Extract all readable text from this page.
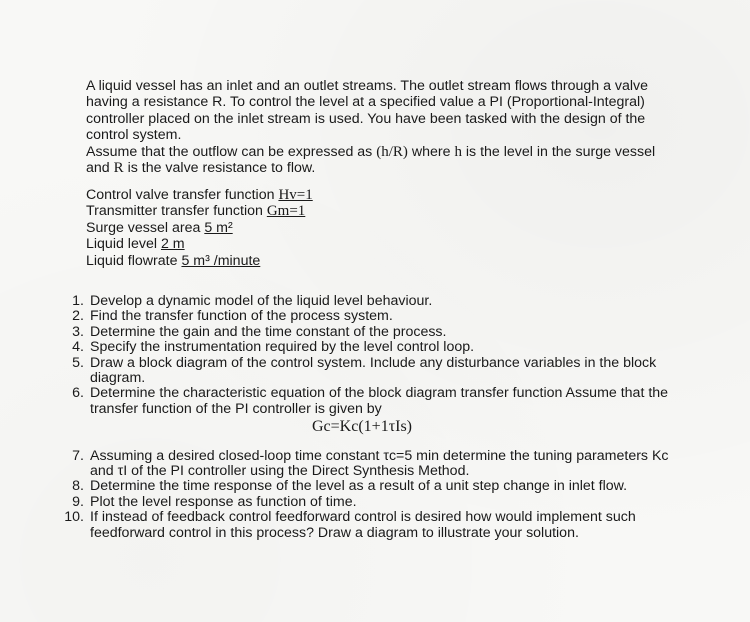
A liquid vessel has an inlet and an outlet streams. The outlet stream flows through a valve having a resistance R. To control the level at a specified value a PI (Proportional-Integral) controller placed on the inlet stream is used. You have been tasked with the design of the control system.

Assume that the outflow can be expressed as (h/R) where h is the level in the surge vessel and R is the valve resistance to flow.

Control valve transfer function Hv=1
Transmitter transfer function Gm=1
Surge vessel area 5 m²
Liquid level 2 m
Liquid flowrate 5 m³ /minute
1. Develop a dynamic model of the liquid level behaviour.
2. Find the transfer function of the process system.
3. Determine the gain and the time constant of the process.
4. Specify the instrumentation required by the level control loop.
5. Draw a block diagram of the control system. Include any disturbance variables in the block diagram.
6. Determine the characteristic equation of the block diagram transfer function Assume that the transfer function of the PI controller is given by
Gc=Kc(1+1τIs)
7. Assuming a desired closed-loop time constant τc=5 min determine the tuning parameters Kc and τI of the PI controller using the Direct Synthesis Method.
8. Determine the time response of the level as a result of a unit step change in inlet flow.
9. Plot the level response as function of time.
10. If instead of feedback control feedforward control is desired how would implement such feedforward control in this process? Draw a diagram to illustrate your solution.
